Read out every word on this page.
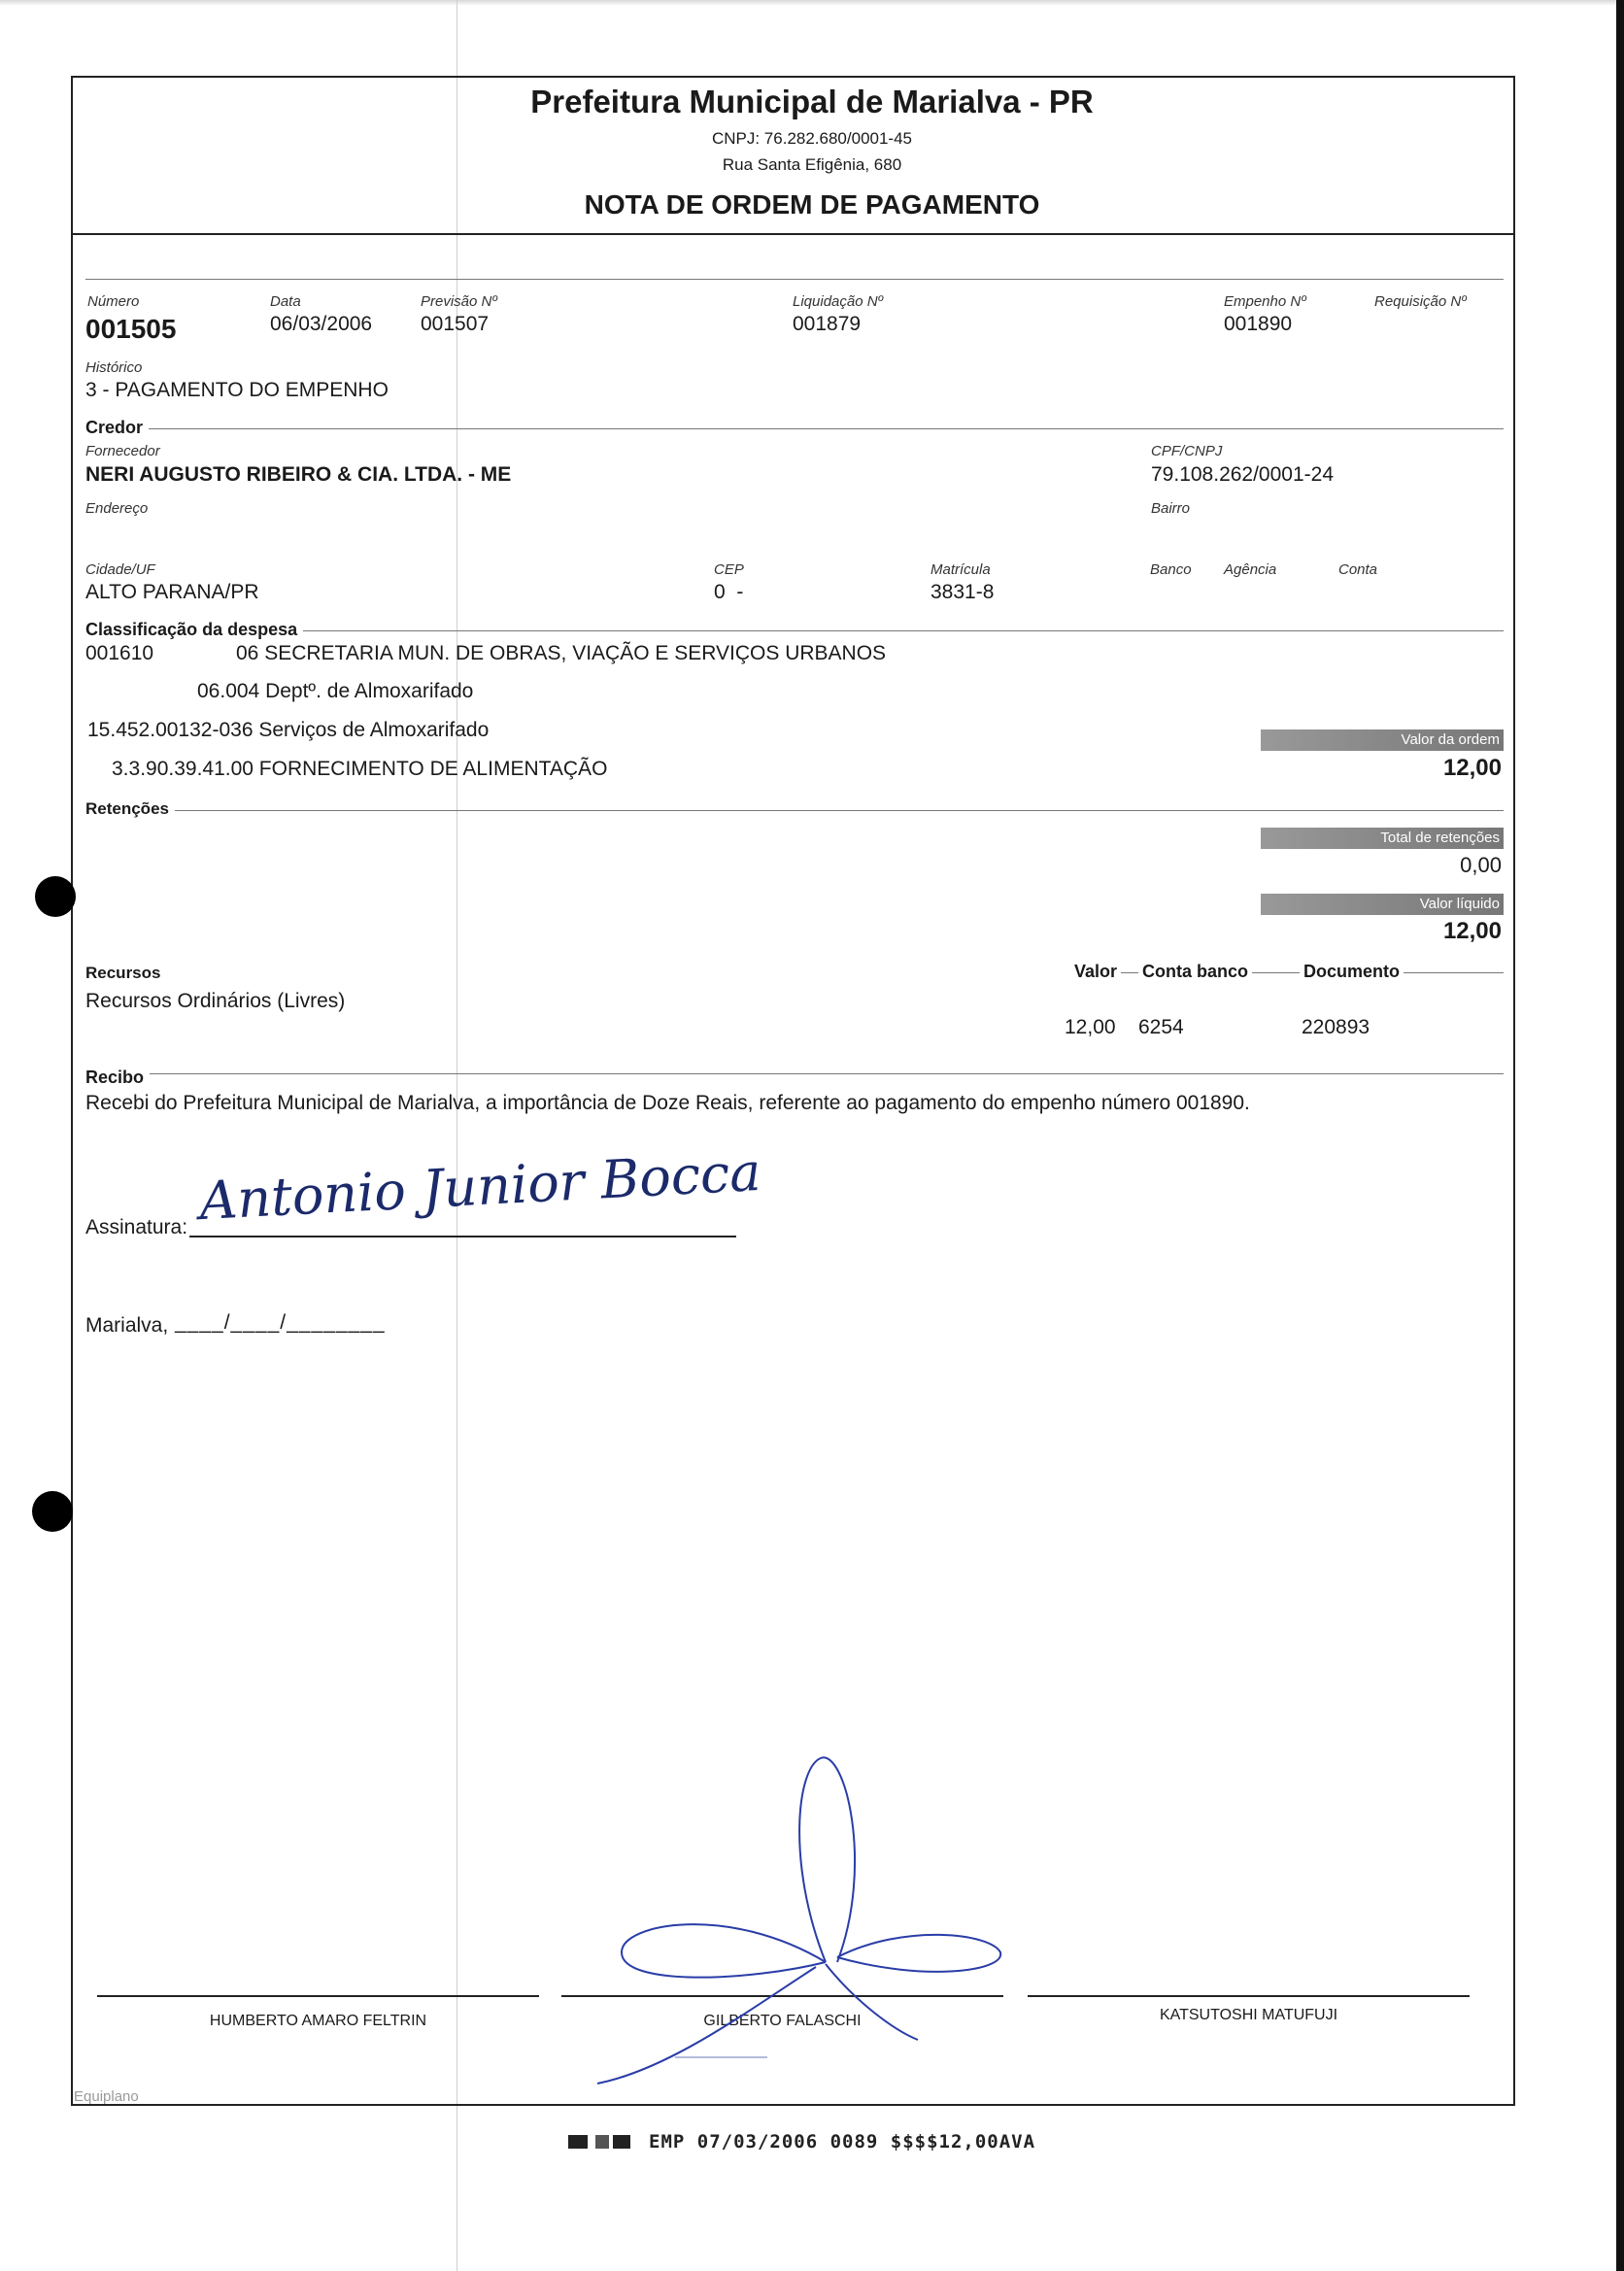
Prefeitura Municipal de Marialva - PR
CNPJ: 76.282.680/0001-45
Rua Santa Efigênia, 680
NOTA DE ORDEM DE PAGAMENTO
Número
001505
Data
06/03/2006
Previsão Nº
001507
Liquidação Nº
001879
Empenho Nº
001890
Requisição Nº
Histórico
3 - PAGAMENTO DO EMPENHO
Credor
Fornecedor
NERI AUGUSTO RIBEIRO & CIA. LTDA. - ME
CPF/CNPJ
79.108.262/0001-24
Endereço	Bairro
Cidade/UF
ALTO PARANA/PR
CEP
0  -
Matrícula
3831-8
Banco Agência	Conta
Classificação da despesa
001610	06 SECRETARIA MUN. DE OBRAS, VIAÇÃO E SERVIÇOS URBANOS
06.004 Deptº. de Almoxarifado
15.452.00132-036 Serviços de Almoxarifado
3.3.90.39.41.00 FORNECIMENTO DE ALIMENTAÇÃO
Valor da ordem
12,00
Retenções
Total de retenções
0,00
Valor líquido
12,00
Recursos	Valor Conta banco	Documento
Recursos Ordinários (Livres)
12,00 6254	220893
Recibo
Recebi do Prefeitura Municipal de Marialva, a importância de Doze Reais, referente ao pagamento do empenho número 001890.
Assinatura: Antonio Junior Bocca
Marialva, ____/____/________
HUMBERTO AMARO FELTRIN	GILBERTO FALASCHI	KATSUTOSHI MATUFUJI
Equiplano
EMP 07/03/2006 0089 $$$$12,00AVA
